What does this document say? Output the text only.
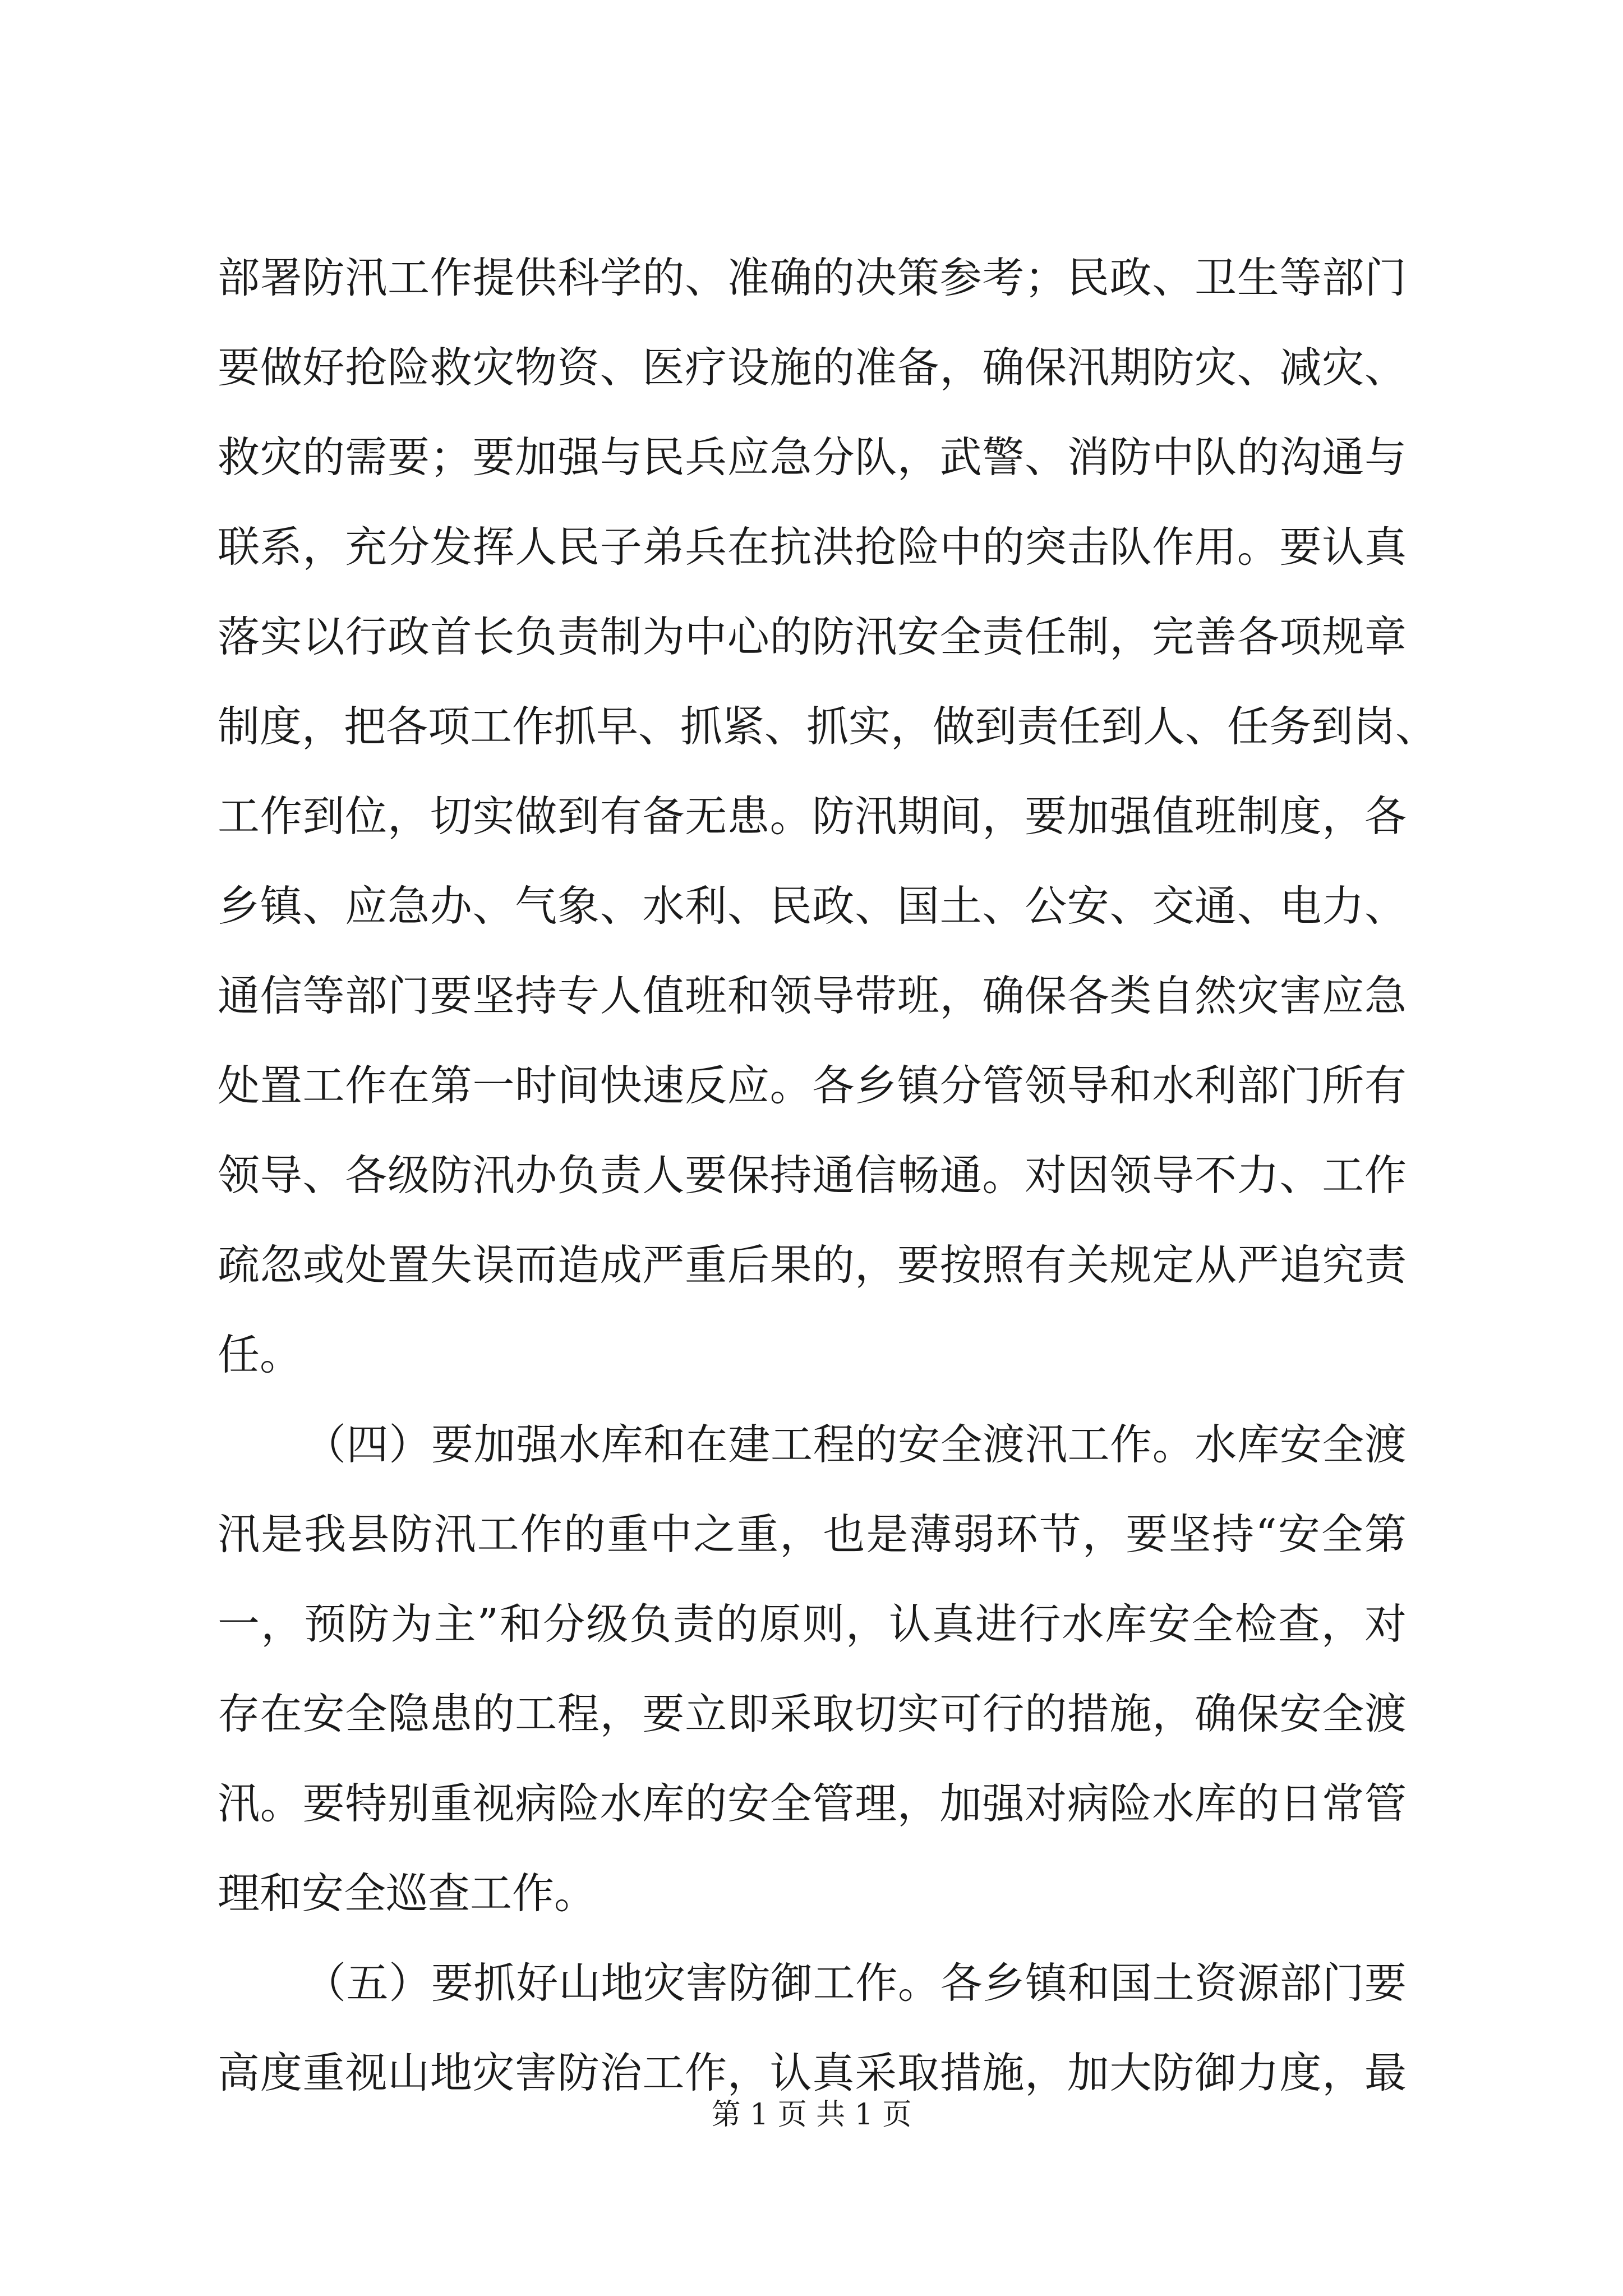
部署防汛工作提供科学的、准确的决策参考；民政、卫生等部门
要做好抢险救灾物资、医疗设施的准备，确保汛期防灾、减灾、
救灾的需要；要加强与民兵应急分队，武警、消防中队的沟通与
联系，充分发挥人民子弟兵在抗洪抢险中的突击队作用。要认真
落实以行政首长负责制为中心的防汛安全责任制，完善各项规章
制度，把各项工作抓早、抓紧、抓实，做到责任到人、任务到岗、
工作到位，切实做到有备无患。防汛期间，要加强值班制度，各
乡镇、应急办、气象、水利、民政、国土、公安、交通、电力、
通信等部门要坚持专人值班和领导带班，确保各类自然灾害应急
处置工作在第一时间快速反应。各乡镇分管领导和水利部门所有
领导、各级防汛办负责人要保持通信畅通。对因领导不力、工作
疏忽或处置失误而造成严重后果的，要按照有关规定从严追究责
任。
（四）要加强水库和在建工程的安全渡汛工作。水库安全渡
汛是我县防汛工作的重中之重，也是薄弱环节，要坚持“安全第
一，预防为主”和分级负责的原则，认真进行水库安全检查，对
存在安全隐患的工程，要立即采取切实可行的措施，确保安全渡
汛。要特别重视病险水库的安全管理，加强对病险水库的日常管
理和安全巡查工作。
（五）要抓好山地灾害防御工作。各乡镇和国土资源部门要
高度重视山地灾害防治工作，认真采取措施，加大防御力度，最
第 1 页 共 1 页
